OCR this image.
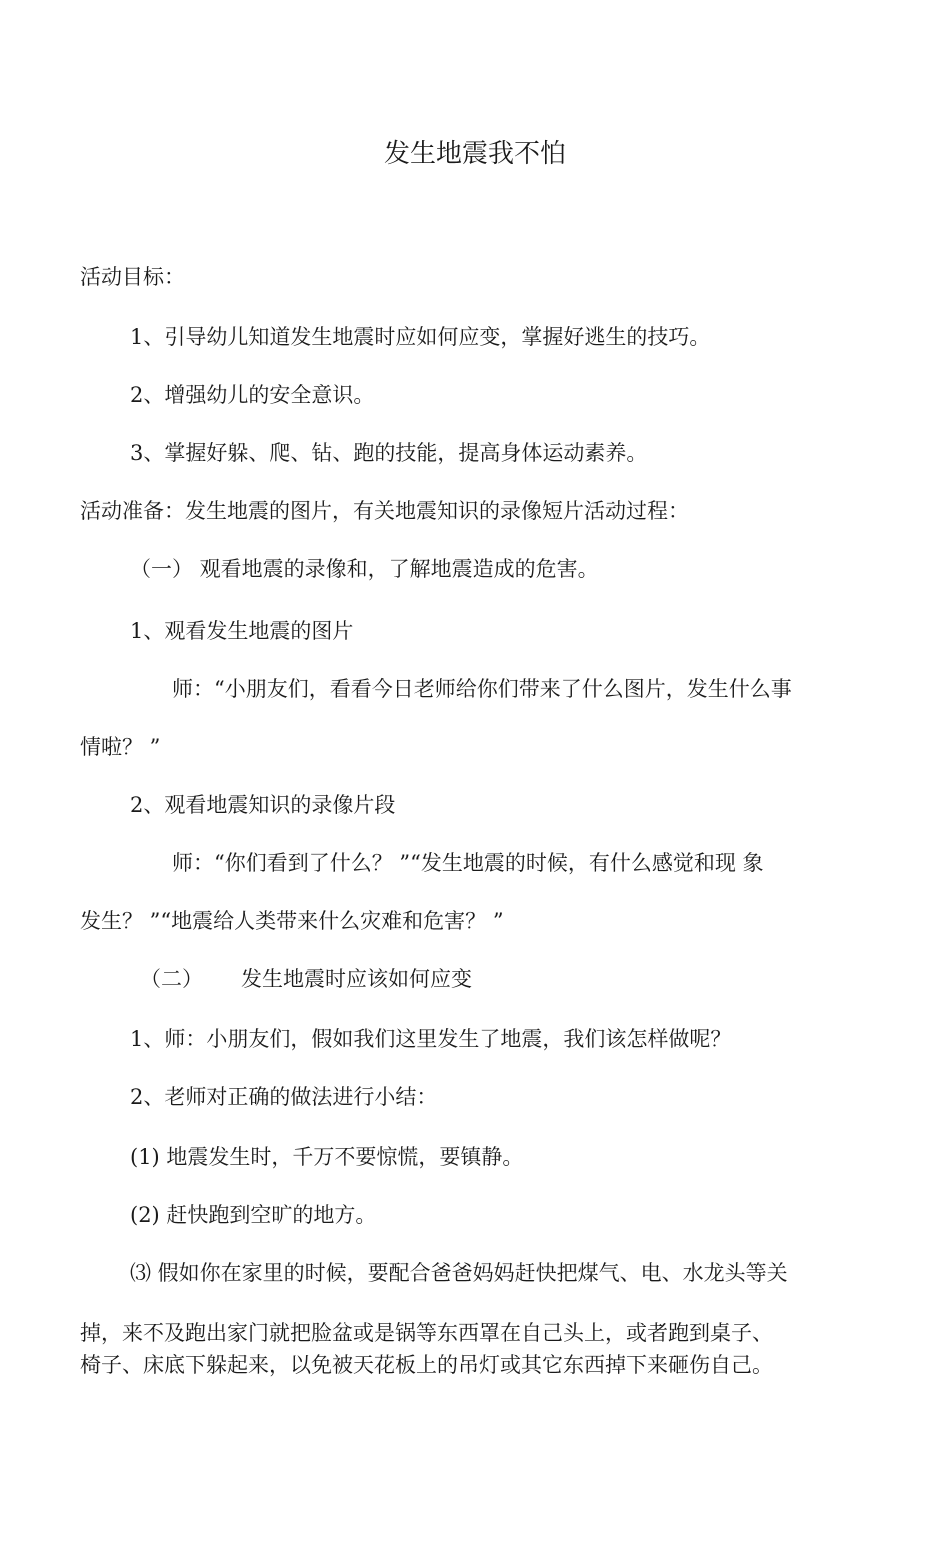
发生地震我不怕
活动目标：
1、引导幼儿知道发生地震时应如何应变，掌握好逃生的技巧。
2、增强幼儿的安全意识。
3、掌握好躲、爬、钻、跑的技能，提高身体运动素养。
活动准备：发生地震的图片，有关地震知识的录像短片活动过程：
（一） 观看地震的录像和，了解地震造成的危害。
1、观看发生地震的图片
师：“小朋友们，看看今日老师给你们带来了什么图片，发生什么事
情啦？ ”
2、观看地震知识的录像片段
师：“你们看到了什么？ ”“发生地震的时候，有什么感觉和现 象
发生？ ”“地震给人类带来什么灾难和危害？ ”
（二） 发生地震时应该如何应变
1、师：小朋友们，假如我们这里发生了地震，我们该怎样做呢？
2、老师对正确的做法进行小结：
(1) 地震发生时，千万不要惊慌，要镇静。
(2) 赶快跑到空旷的地方。
⑶ 假如你在家里的时候，要配合爸爸妈妈赶快把煤气、电、水龙头等关
掉，来不及跑出家门就把脸盆或是锅等东西罩在自己头上，或者跑到桌子、
椅子、床底下躲起来，以免被天花板上的吊灯或其它东西掉下来砸伤自己。
